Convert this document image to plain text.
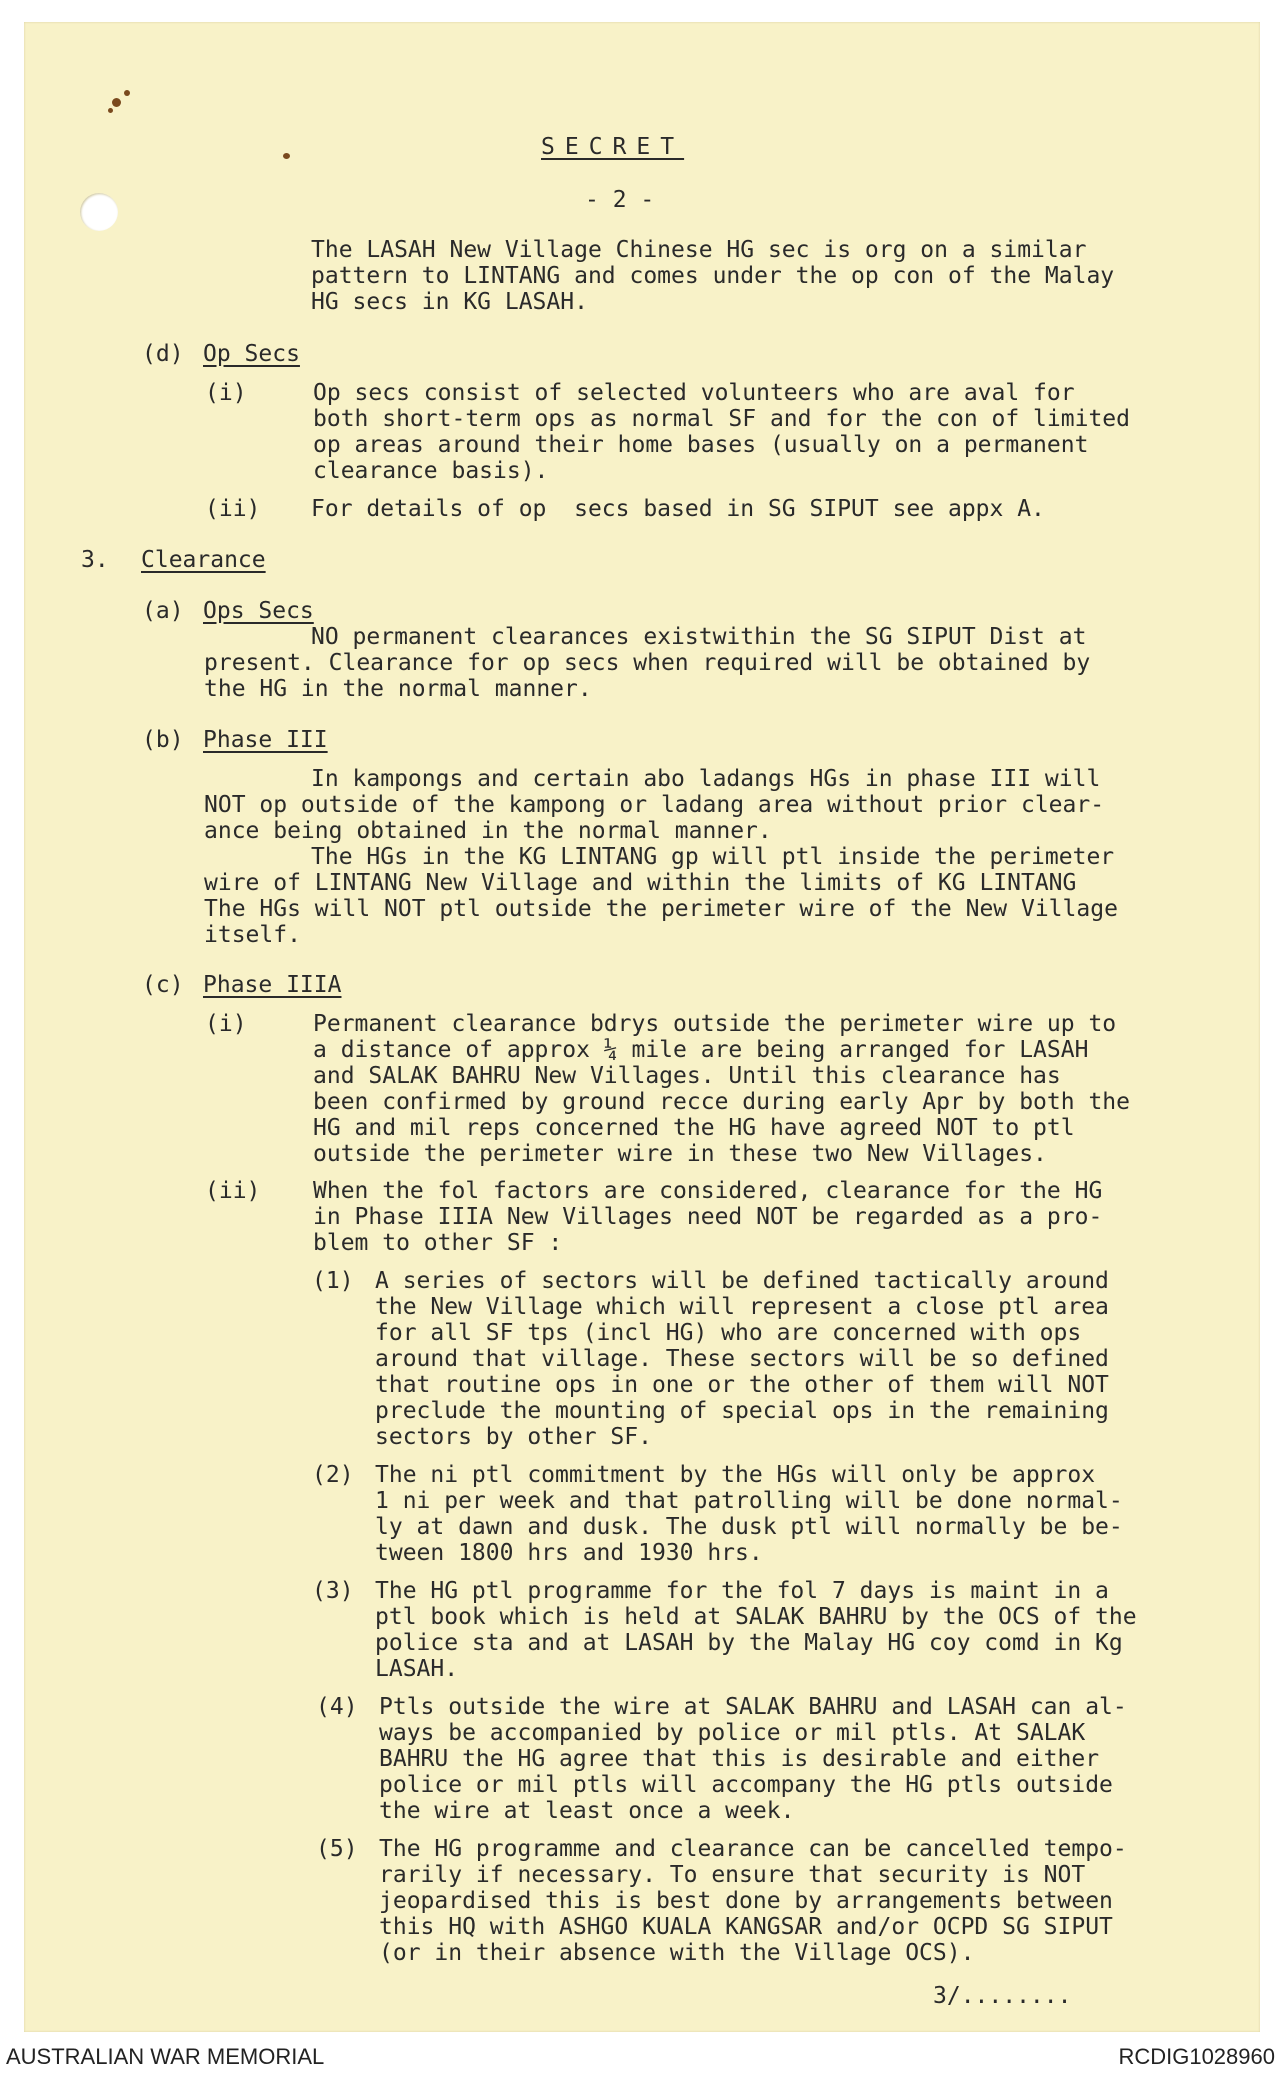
SECRET

- 2 -

The LASAH New Village Chinese HG sec is org on a similar

pattern to LINTANG and comes under the op con of the Malay

HG secs in KG LASAH.

(d) Op Secs

(i)	Op secs consist of selected volunteers who are aval for

both short-term ops as normal SF and for the con of limited

op areas around their home bases (usually on a permanent

clearance basis).

(ii) For details of op  secs based in SG SIPUT see appx A.

3. Clearance

(a) Ops Secs

NO permanent clearances existwithin the SG SIPUT Dist at

present. Clearance for op secs when required will be obtained by

the HG in the normal manner.

(b) Phase III

In kampongs and certain abo ladangs HGs in phase III will

NOT op outside of the kampong or ladang area without prior clear-

ance being obtained in the normal manner.

The HGs in the KG LINTANG gp will ptl inside the perimeter

wire of LINTANG New Village and within the limits of KG LINTANG

The HGs will NOT ptl outside the perimeter wire of the New Village

itself.

(c) Phase IIIA

(i)	Permanent clearance bdrys outside the perimeter wire up to

a distance of approx ¼ mile are being arranged for LASAH

and SALAK BAHRU New Villages. Until this clearance has

been confirmed by ground recce during early Apr by both the

HG and mil reps concerned the HG have agreed NOT to ptl

outside the perimeter wire in these two New Villages.

(ii) When the fol factors are considered, clearance for the HG

in Phase IIIA New Villages need NOT be regarded as a pro-

blem to other SF :

(1) A series of sectors will be defined tactically around

the New Village which will represent a close ptl area

for all SF tps (incl HG) who are concerned with ops

around that village. These sectors will be so defined

that routine ops in one or the other of them will NOT

preclude the mounting of special ops in the remaining

sectors by other SF.

(2) The ni ptl commitment by the HGs will only be approx

1 ni per week and that patrolling will be done normal-

ly at dawn and dusk. The dusk ptl will normally be be-

tween 1800 hrs and 1930 hrs.

(3) The HG ptl programme for the fol 7 days is maint in a

ptl book which is held at SALAK BAHRU by the OCS of the

police sta and at LASAH by the Malay HG coy comd in Kg

LASAH.

(4) Ptls outside the wire at SALAK BAHRU and LASAH can al-

ways be accompanied by police or mil ptls. At SALAK

BAHRU the HG agree that this is desirable and either

police or mil ptls will accompany the HG ptls outside

the wire at least once a week.

(5) The HG programme and clearance can be cancelled tempo-

rarily if necessary. To ensure that security is NOT

jeopardised this is best done by arrangements between

this HQ with ASHGO KUALA KANGSAR and/or OCPD SG SIPUT

(or in their absence with the Village OCS).

3/........

AUSTRALIAN WAR MEMORIAL	RCDIG1028960
